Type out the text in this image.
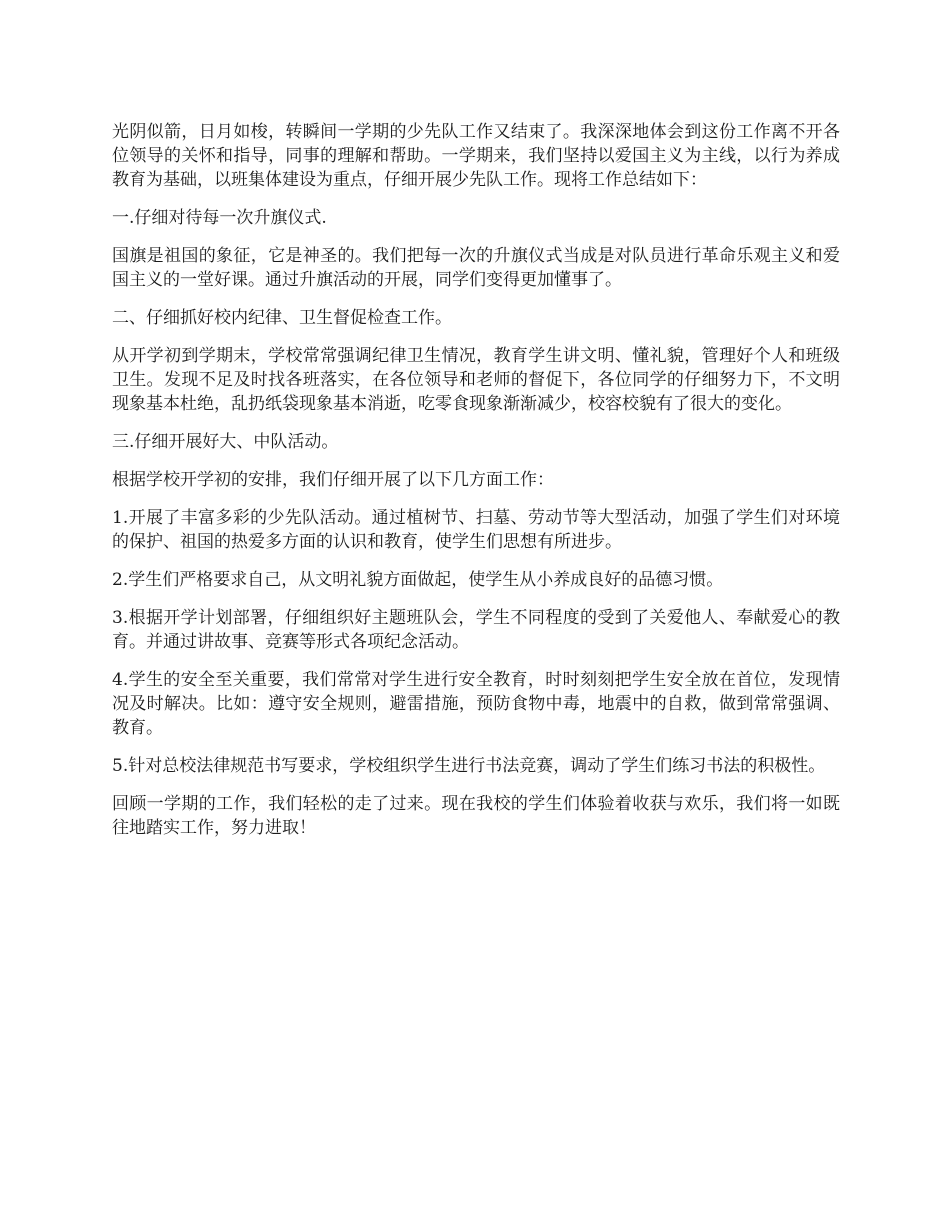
光阴似箭，日月如梭，转瞬间一学期的少先队工作又结束了。我深深地体会到这份工作离不开各位领导的关怀和指导，同事的理解和帮助。一学期来，我们坚持以爱国主义为主线，以行为养成教育为基础，以班集体建设为重点，仔细开展少先队工作。现将工作总结如下：

一.仔细对待每一次升旗仪式.

国旗是祖国的象征，它是神圣的。我们把每一次的升旗仪式当成是对队员进行革命乐观主义和爱国主义的一堂好课。通过升旗活动的开展，同学们变得更加懂事了。

二、仔细抓好校内纪律、卫生督促检查工作。

从开学初到学期末，学校常常强调纪律卫生情况，教育学生讲文明、懂礼貌，管理好个人和班级卫生。发现不足及时找各班落实，在各位领导和老师的督促下，各位同学的仔细努力下，不文明现象基本杜绝，乱扔纸袋现象基本消逝，吃零食现象渐渐减少，校容校貌有了很大的变化。

三.仔细开展好大、中队活动。

根据学校开学初的安排，我们仔细开展了以下几方面工作：

1.开展了丰富多彩的少先队活动。通过植树节、扫墓、劳动节等大型活动，加强了学生们对环境的保护、祖国的热爱多方面的认识和教育，使学生们思想有所进步。

2.学生们严格要求自己，从文明礼貌方面做起，使学生从小养成良好的品德习惯。

3.根据开学计划部署，仔细组织好主题班队会，学生不同程度的受到了关爱他人、奉献爱心的教育。并通过讲故事、竞赛等形式各项纪念活动。

4.学生的安全至关重要，我们常常对学生进行安全教育，时时刻刻把学生安全放在首位，发现情况及时解决。比如：遵守安全规则，避雷措施，预防食物中毒，地震中的自救，做到常常强调、教育。

5.针对总校法律规范书写要求，学校组织学生进行书法竞赛，调动了学生们练习书法的积极性。

回顾一学期的工作，我们轻松的走了过来。现在我校的学生们体验着收获与欢乐，我们将一如既往地踏实工作，努力进取！
